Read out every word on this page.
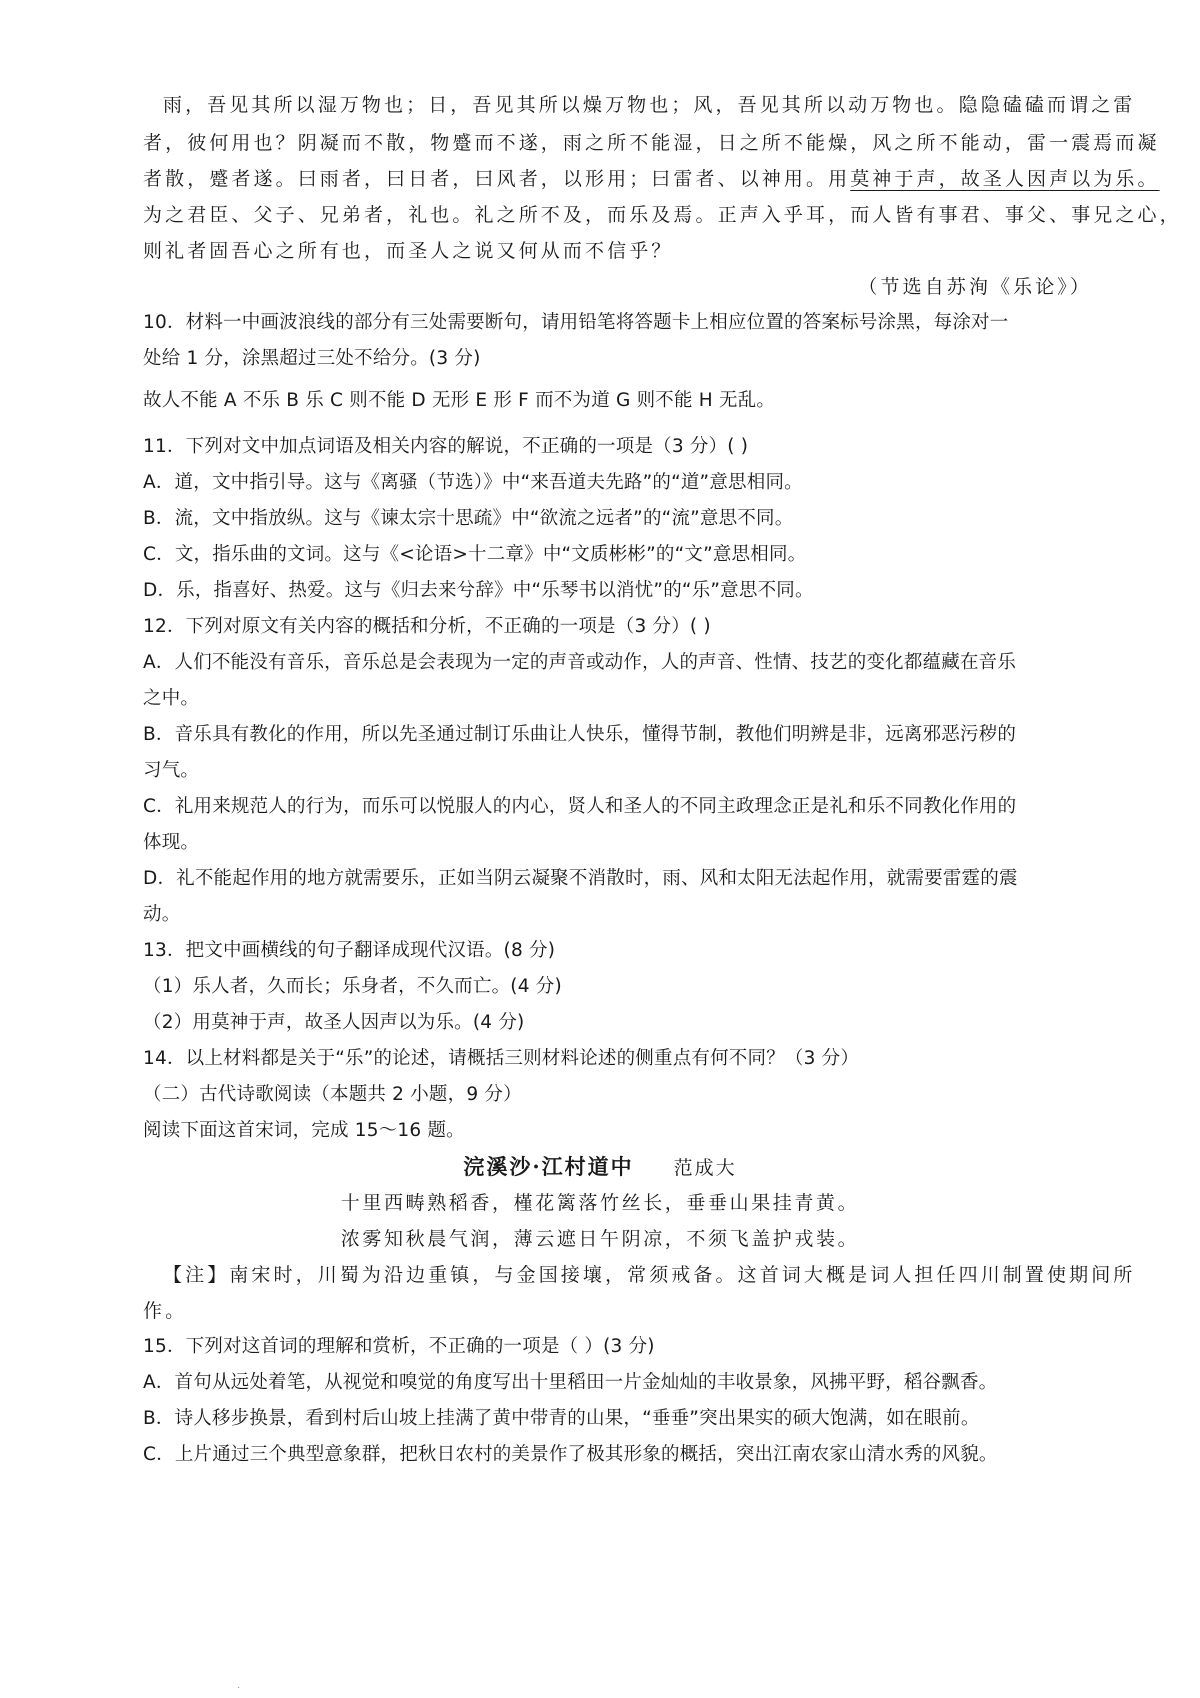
雨，吾见其所以湿万物也；日，吾见其所以燥万物也；风，吾见其所以动万物也。隐隐磕磕而谓之雷
者，彼何用也？阴凝而不散，物蹙而不遂，雨之所不能湿，日之所不能燥，风之所不能动，雷一震焉而凝
者散，蹙者遂。曰雨者，曰日者，曰风者，以形用；曰雷者、以神用。用莫神于声，故圣人因声以为乐。
为之君臣、父子、兄弟者，礼也。礼之所不及，而乐及焉。正声入乎耳，而人皆有事君、事父、事兄之心，
则礼者固吾心之所有也，而圣人之说又何从而不信乎？
（节选自苏洵《乐论》）
10．材料一中画波浪线的部分有三处需要断句，请用铅笔将答题卡上相应位置的答案标号涂黑，每涂对一
处给 1 分，涂黑超过三处不给分。(3 分)
故人不能 A 不乐 B 乐 C 则不能 D 无形 E 形 F 而不为道 G 则不能 H 无乱。
11．下列对文中加点词语及相关内容的解说，不正确的一项是（3 分）( )
A．道，文中指引导。这与《离骚（节选）》中“来吾道夫先路”的“道”意思相同。
B．流，文中指放纵。这与《谏太宗十思疏》中“欲流之远者”的“流”意思不同。
C．文，指乐曲的文词。这与《<论语>十二章》中“文质彬彬”的“文”意思相同。
D．乐，指喜好、热爱。这与《归去来兮辞》中“乐琴书以消忧”的“乐”意思不同。
12．下列对原文有关内容的概括和分析，不正确的一项是（3 分）( )
A．人们不能没有音乐，音乐总是会表现为一定的声音或动作，人的声音、性情、技艺的变化都蕴藏在音乐
之中。
B．音乐具有教化的作用，所以先圣通过制订乐曲让人快乐，懂得节制，教他们明辨是非，远离邪恶污秽的
习气。
C．礼用来规范人的行为，而乐可以悦服人的内心，贤人和圣人的不同主政理念正是礼和乐不同教化作用的
体现。
D．礼不能起作用的地方就需要乐，正如当阴云凝聚不消散时，雨、风和太阳无法起作用，就需要雷霆的震
动。
13．把文中画横线的句子翻译成现代汉语。(8 分)
（1）乐人者，久而长；乐身者，不久而亡。(4 分)
（2）用莫神于声，故圣人因声以为乐。(4 分)
14．以上材料都是关于“乐”的论述，请概括三则材料论述的侧重点有何不同？（3 分）
（二）古代诗歌阅读（本题共 2 小题，9 分）
阅读下面这首宋词，完成 15～16 题。
浣溪沙·江村道中 范成大
十里西畴熟稻香，槿花篱落竹丝长，垂垂山果挂青黄。
浓雾知秋晨气润，薄云遮日午阴凉，不须飞盖护戎装。
【注】南宋时，川蜀为沿边重镇，与金国接壤，常须戒备。这首词大概是词人担任四川制置使期间所
作。
15．下列对这首词的理解和赏析，不正确的一项是（ ）(3 分)
A．首句从远处着笔，从视觉和嗅觉的角度写出十里稻田一片金灿灿的丰收景象，风拂平野，稻谷飘香。
B．诗人移步换景，看到村后山坡上挂满了黄中带青的山果，“垂垂”突出果实的硕大饱满，如在眼前。
C．上片通过三个典型意象群，把秋日农村的美景作了极其形象的概括，突出江南农家山清水秀的风貌。
·
